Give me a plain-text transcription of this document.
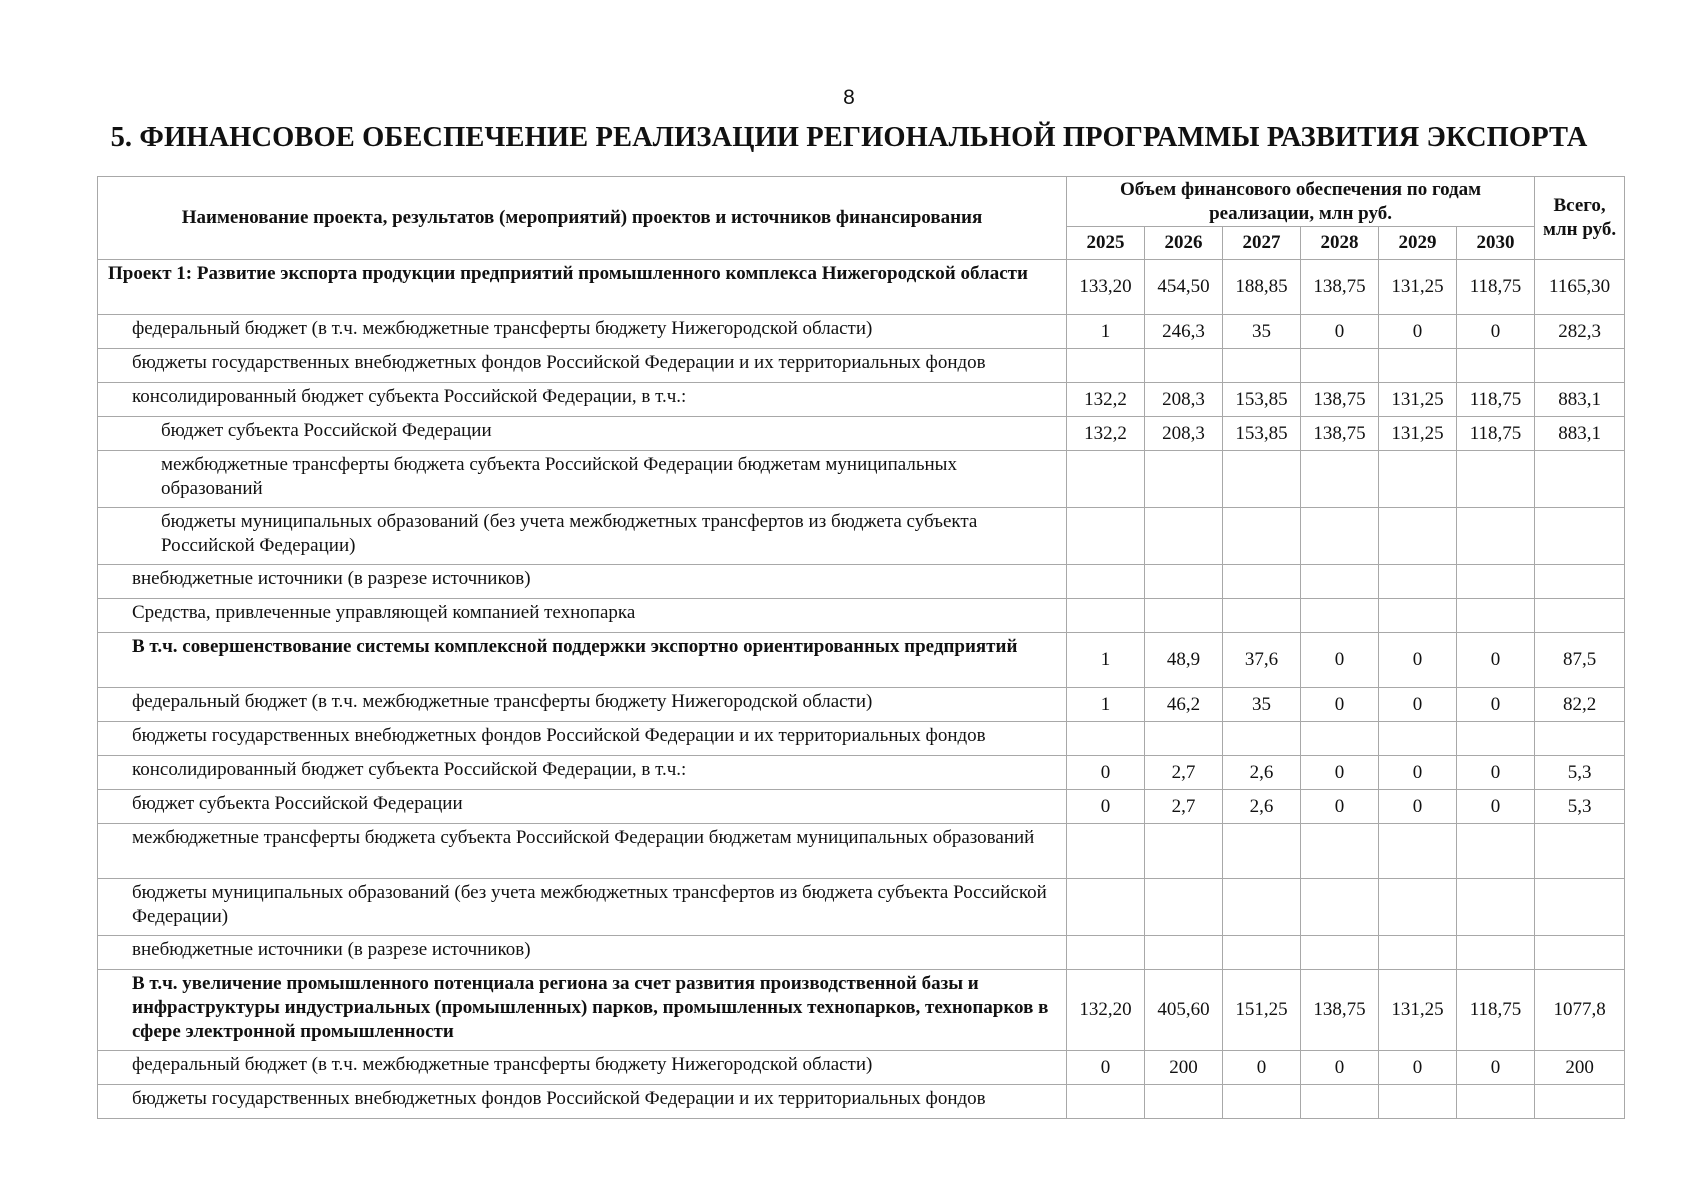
8
5. ФИНАНСОВОЕ ОБЕСПЕЧЕНИЕ РЕАЛИЗАЦИИ РЕГИОНАЛЬНОЙ ПРОГРАММЫ РАЗВИТИЯ ЭКСПОРТА
Наименование проекта, результатов (мероприятий) проектов и источников финансирования	Объем финансового обеспечения по годам реализации, млн руб.						Всего, млн руб.
	2025	2026	2027	2028	2029	2030	
Проект 1: Развитие экспорта продукции предприятий промышленного комплекса Нижегородской области	133,20	454,50	188,85	138,75	131,25	118,75	1165,30
федеральный бюджет (в т.ч. межбюджетные трансферты бюджету Нижегородской области)	1	246,3	35	0	0	0	282,3
бюджеты государственных внебюджетных фондов Российской Федерации и их территориальных фондов							
консолидированный бюджет субъекта Российской Федерации, в т.ч.:	132,2	208,3	153,85	138,75	131,25	118,75	883,1
бюджет субъекта Российской Федерации	132,2	208,3	153,85	138,75	131,25	118,75	883,1
межбюджетные трансферты бюджета субъекта Российской Федерации бюджетам муниципальных образований							
бюджеты муниципальных образований (без учета межбюджетных трансфертов из бюджета субъекта Российской Федерации)							
внебюджетные источники (в разрезе источников)							
Средства, привлеченные управляющей компанией технопарка							
В т.ч. совершенствование системы комплексной поддержки экспортно ориентированных предприятий	1	48,9	37,6	0	0	0	87,5
федеральный бюджет (в т.ч. межбюджетные трансферты бюджету Нижегородской области)	1	46,2	35	0	0	0	82,2
бюджеты государственных внебюджетных фондов Российской Федерации и их территориальных фондов							
консолидированный бюджет субъекта Российской Федерации, в т.ч.:	0	2,7	2,6	0	0	0	5,3
бюджет субъекта Российской Федерации	0	2,7	2,6	0	0	0	5,3
межбюджетные трансферты бюджета субъекта Российской Федерации бюджетам муниципальных образований							
бюджеты муниципальных образований (без учета межбюджетных трансфертов из бюджета субъекта Российской Федерации)							
внебюджетные источники (в разрезе источников)							
В т.ч. увеличение промышленного потенциала региона за счет развития производственной базы и инфраструктуры индустриальных (промышленных) парков, промышленных технопарков, технопарков в сфере электронной промышленности	132,20	405,60	151,25	138,75	131,25	118,75	1077,8
федеральный бюджет (в т.ч. межбюджетные трансферты бюджету Нижегородской области)	0	200	0	0	0	0	200
бюджеты государственных внебюджетных фондов Российской Федерации и их территориальных фондов							
